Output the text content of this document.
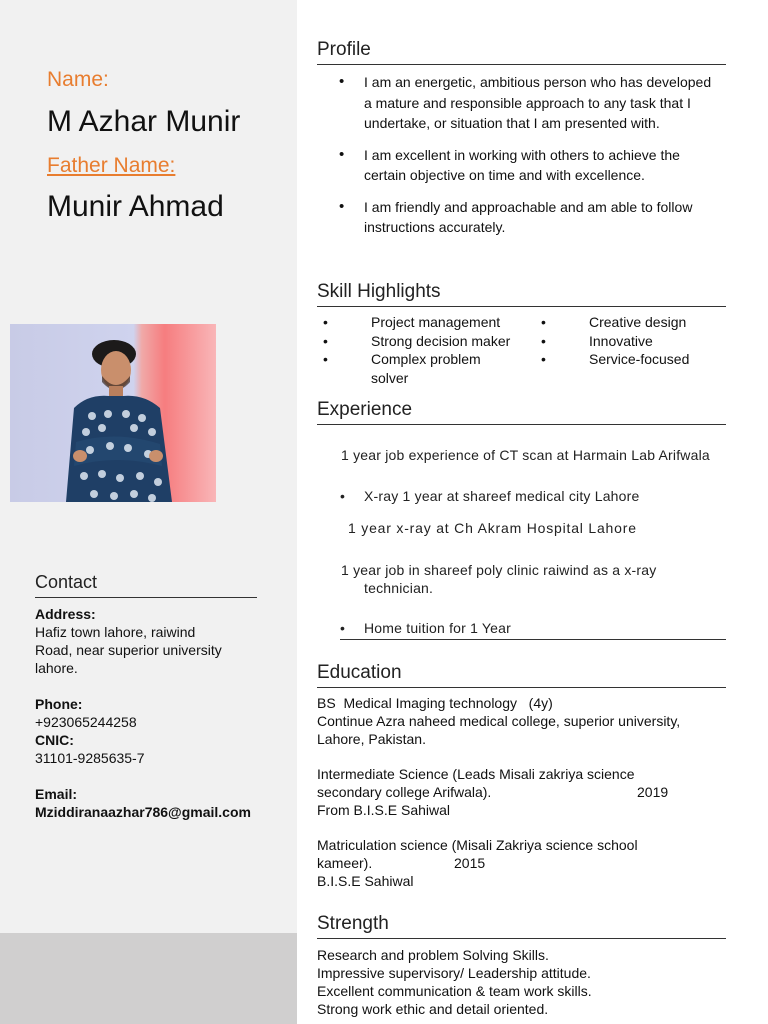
Name:
M Azhar Munir
Father Name:
Munir Ahmad
Contact
Address:
Hafiz town lahore, raiwind
Road, near superior university
lahore.
Phone:
+923065244258
CNIC:
31101-9285635-7
Email:
Mziddiranaazhar786@gmail.com
Profile
• I am an energetic, ambitious person who has developed a mature and responsible approach to any task that I undertake, or situation that I am presented with.
• I am excellent in working with others to achieve the certain objective on time and with excellence.
• I am friendly and approachable and am able to follow instructions accurately.
Skill Highlights
• Project management
• Strong decision maker
• Complex problem solver
• Creative design
• Innovative
• Service-focused
Experience
1 year job experience of CT scan at Harmain Lab Arifwala
• X-ray 1 year at shareef medical city Lahore
1 year x-ray at Ch Akram Hospital Lahore
1 year job in shareef poly clinic raiwind as a x-ray
technician.
• Home tuition for 1 Year
Education

BS  Medical Imaging technology   (4y)

Continue Azra naheed medical college, superior university,

Lahore, Pakistan.

Intermediate Science (Leads Misali zakriya science

secondary college Arifwala).	2019

From B.I.S.E Sahiwal

Matriculation science (Misali Zakriya science school

kameer).	2015

B.I.S.E Sahiwal

Strength

Research and problem Solving Skills.

Impressive supervisory/ Leadership attitude.

Excellent communication & team work skills.

Strong work ethic and detail oriented.
